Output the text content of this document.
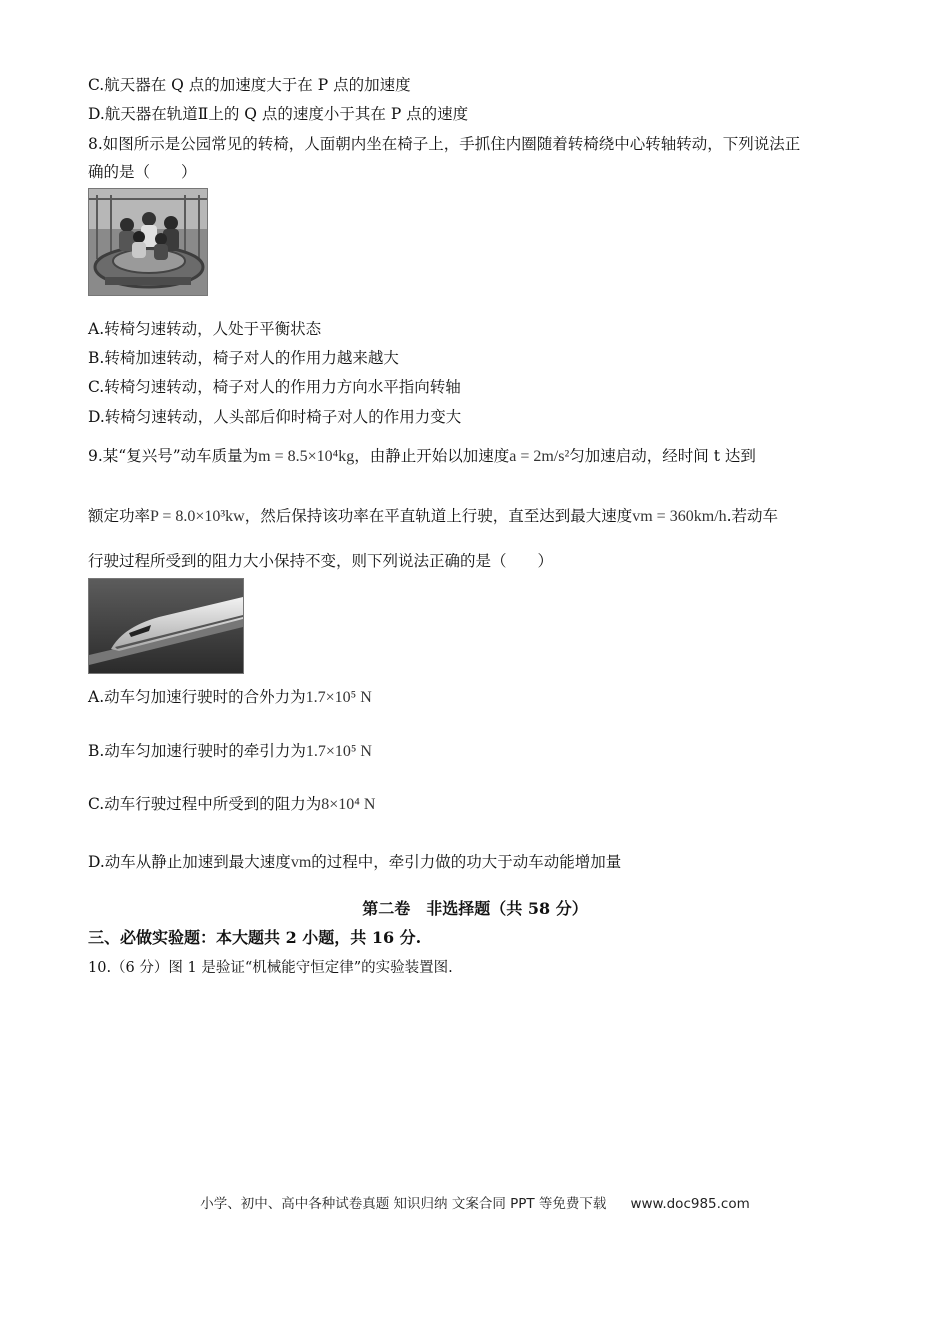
C.航天器在 Q 点的加速度大于在 P 点的加速度
D.航天器在轨道Ⅱ上的 Q 点的速度小于其在 P 点的速度
8.如图所示是公园常见的转椅，人面朝内坐在椅子上，手抓住内圈随着转椅绕中心转轴转动，下列说法正
确的是（　　）
A.转椅匀速转动，人处于平衡状态
B.转椅加速转动，椅子对人的作用力越来越大
C.转椅匀速转动，椅子对人的作用力方向水平指向转轴
D.转椅匀速转动，人头部后仰时椅子对人的作用力变大
9.某“复兴号”动车质量为m = 8.5×10⁴kg，由静止开始以加速度a = 2m/s²匀加速启动，经时间 t 达到
额定功率P = 8.0×10³kw，然后保持该功率在平直轨道上行驶，直至达到最大速度vm = 360km/h.若动车
行驶过程所受到的阻力大小保持不变，则下列说法正确的是（　　）
A.动车匀加速行驶时的合外力为1.7×10⁵ N
B.动车匀加速行驶时的牵引力为1.7×10⁵ N
C.动车行驶过程中所受到的阻力为8×10⁴ N
D.动车从静止加速到最大速度vm的过程中，牵引力做的功大于动车动能增加量
第二卷　非选择题（共 58 分）
三、必做实验题：本大题共 2 小题，共 16 分.
10.（6 分）图 1 是验证“机械能守恒定律”的实验装置图.
小学、初中、高中各种试卷真题 知识归纳 文案合同 PPT 等免费下载 www.doc985.com
